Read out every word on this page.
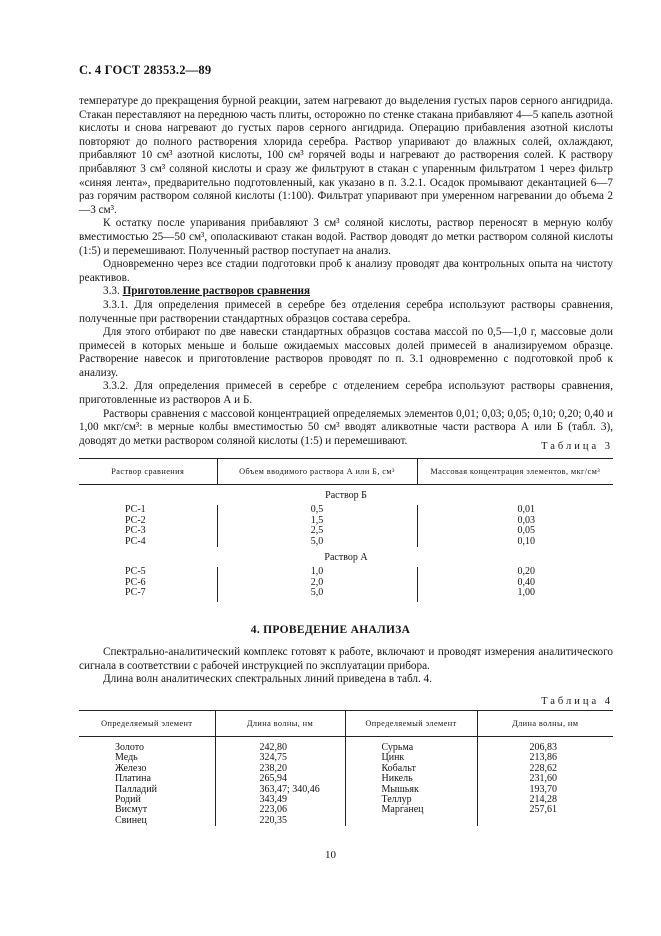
С. 4 ГОСТ 28353.2—89

температуре до прекращения бурной реакции, затем нагревают до выделения густых паров серного ангидрида. Стакан переставляют на переднюю часть плиты, осторожно по стенке стакана прибавляют 4—5 капель азотной кислоты и снова нагревают до густых паров серного ангидрида. Операцию прибавления азотной кислоты повторяют до полного растворения хлорида серебра. Раствор упаривают до влажных солей, охлаждают, прибавляют 10 см³ азотной кислоты, 100 см³ горячей воды и нагревают до растворения солей. К раствору прибавляют 3 см³ соляной кислоты и сразу же фильтруют в стакан с упаренным фильтратом 1 через фильтр «синяя лента», предварительно подготовленный, как указано в п. 3.2.1. Осадок промывают декантацией 6—7 раз горячим раствором соляной кислоты (1:100). Фильтрат упаривают при умеренном нагревании до объема 2—3 см³.

К остатку после упаривания прибавляют 3 см³ соляной кислоты, раствор переносят в мерную колбу вместимостью 25—50 см³, ополаскивают стакан водой. Раствор доводят до метки раствором соляной кислоты (1:5) и перемешивают. Полученный раствор поступает на анализ.

Одновременно через все стадии подготовки проб к анализу проводят два контрольных опыта на чистоту реактивов.

3.3. Приготовление растворов сравнения

3.3.1. Для определения примесей в серебре без отделения серебра используют растворы сравнения, полученные при растворении стандартных образцов состава серебра.

Для этого отбирают по две навески стандартных образцов состава массой по 0,5—1,0 г, массовые доли примесей в которых меньше и больше ожидаемых массовых долей примесей в анализируемом образце. Растворение навесок и приготовление растворов проводят по п. 3.1 одновременно с подготовкой проб к анализу.

3.3.2. Для определения примесей в серебре с отделением серебра используют растворы сравнения, приготовленные из растворов А и Б.

Растворы сравнения с массовой концентрацией определяемых элементов 0,01; 0,03; 0,05; 0,10; 0,20; 0,40 и 1,00 мкг/см³: в мерные колбы вместимостью 50 см³ вводят аликвотные части раствора А или Б (табл. 3), доводят до метки раствором соляной кислоты (1:5) и перемешивают.	Таблица 3
Раствор сравнения	Объем вводимого раствора А или Б, см³	Массовая концентрация элементов, мкг/см³
Раствор Б		
РС-1	0,5	0,01
РС-2	1,5	0,03
РС-3	2,5	0,05
РС-4	5,0	0,10
Раствор А		
РС-5	1,0	0,20
РС-6	2,0	0,40
РС-7	5,0	1,00

4. ПРОВЕДЕНИЕ АНАЛИЗА

Спектрально-аналитический комплекс готовят к работе, включают и проводят измерения аналитического сигнала в соответствии с рабочей инструкцией по эксплуатации прибора.

Длина волн аналитических спектральных линий приведена в табл. 4.

Таблица 4
Определяемый элемент	Длина волны, нм	Определяемый элемент	Длина волны, нм

Золото	242,80	Сурьма	206,83
Медь	324,75	Цинк	213,86
Железо	238,20	Кобальт	228,62
Платина	265,94	Никель	231,60
Палладий	363,47; 340,46	Мышьяк	193,70
Родий	343,49	Теллур	214,28
Висмут	223,06	Марганец	257,61
Свинец	220,35		
10
